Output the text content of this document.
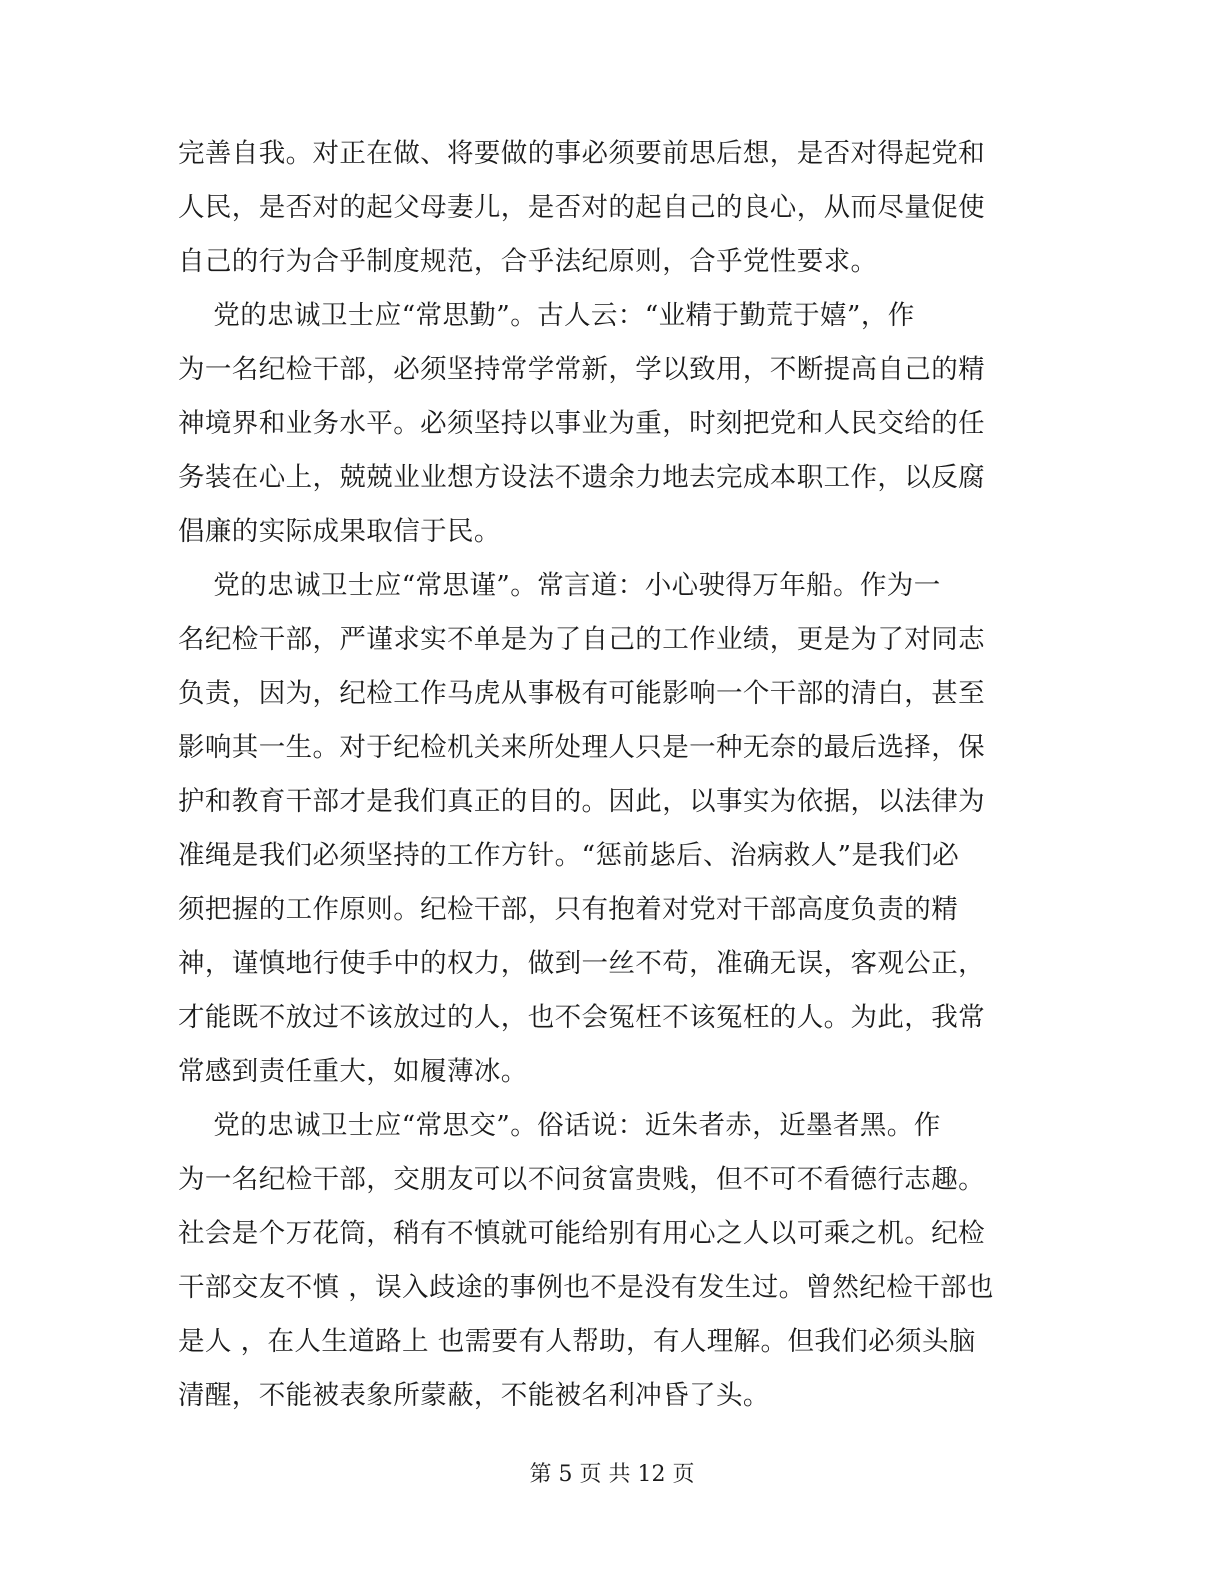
完善自我。对正在做、将要做的事必须要前思后想，是否对得起党和
人民，是否对的起父母妻儿，是否对的起自己的良心，从而尽量促使
自己的行为合乎制度规范，合乎法纪原则，合乎党性要求。
党的忠诚卫士应“常思勤”。古人云：“业精于勤荒于嬉”，作
为一名纪检干部，必须坚持常学常新，学以致用，不断提高自己的精
神境界和业务水平。必须坚持以事业为重，时刻把党和人民交给的任
务装在心上，兢兢业业想方设法不遗余力地去完成本职工作，以反腐
倡廉的实际成果取信于民。
党的忠诚卫士应“常思谨”。常言道：小心驶得万年船。作为一
名纪检干部，严谨求实不单是为了自己的工作业绩，更是为了对同志
负责，因为，纪检工作马虎从事极有可能影响一个干部的清白，甚至
影响其一生。对于纪检机关来所处理人只是一种无奈的最后选择，保
护和教育干部才是我们真正的目的。因此，以事实为依据，以法律为
准绳是我们必须坚持的工作方针。“惩前毖后、治病救人”是我们必
须把握的工作原则。纪检干部，只有抱着对党对干部高度负责的精
神，谨慎地行使手中的权力，做到一丝不苟，准确无误，客观公正，
才能既不放过不该放过的人，也不会冤枉不该冤枉的人。为此，我常
常感到责任重大，如履薄冰。
党的忠诚卫士应“常思交”。俗话说：近朱者赤，近墨者黑。作
为一名纪检干部，交朋友可以不问贫富贵贱，但不可不看德行志趣。
社会是个万花筒，稍有不慎就可能给别有用心之人以可乘之机。纪检
干部交友不慎 ，误入歧途的事例也不是没有发生过。曾然纪检干部也
是人 ，在人生道路上 也需要有人帮助，有人理解。但我们必须头脑
清醒，不能被表象所蒙蔽，不能被名利冲昏了头。
第 5 页 共 12 页
